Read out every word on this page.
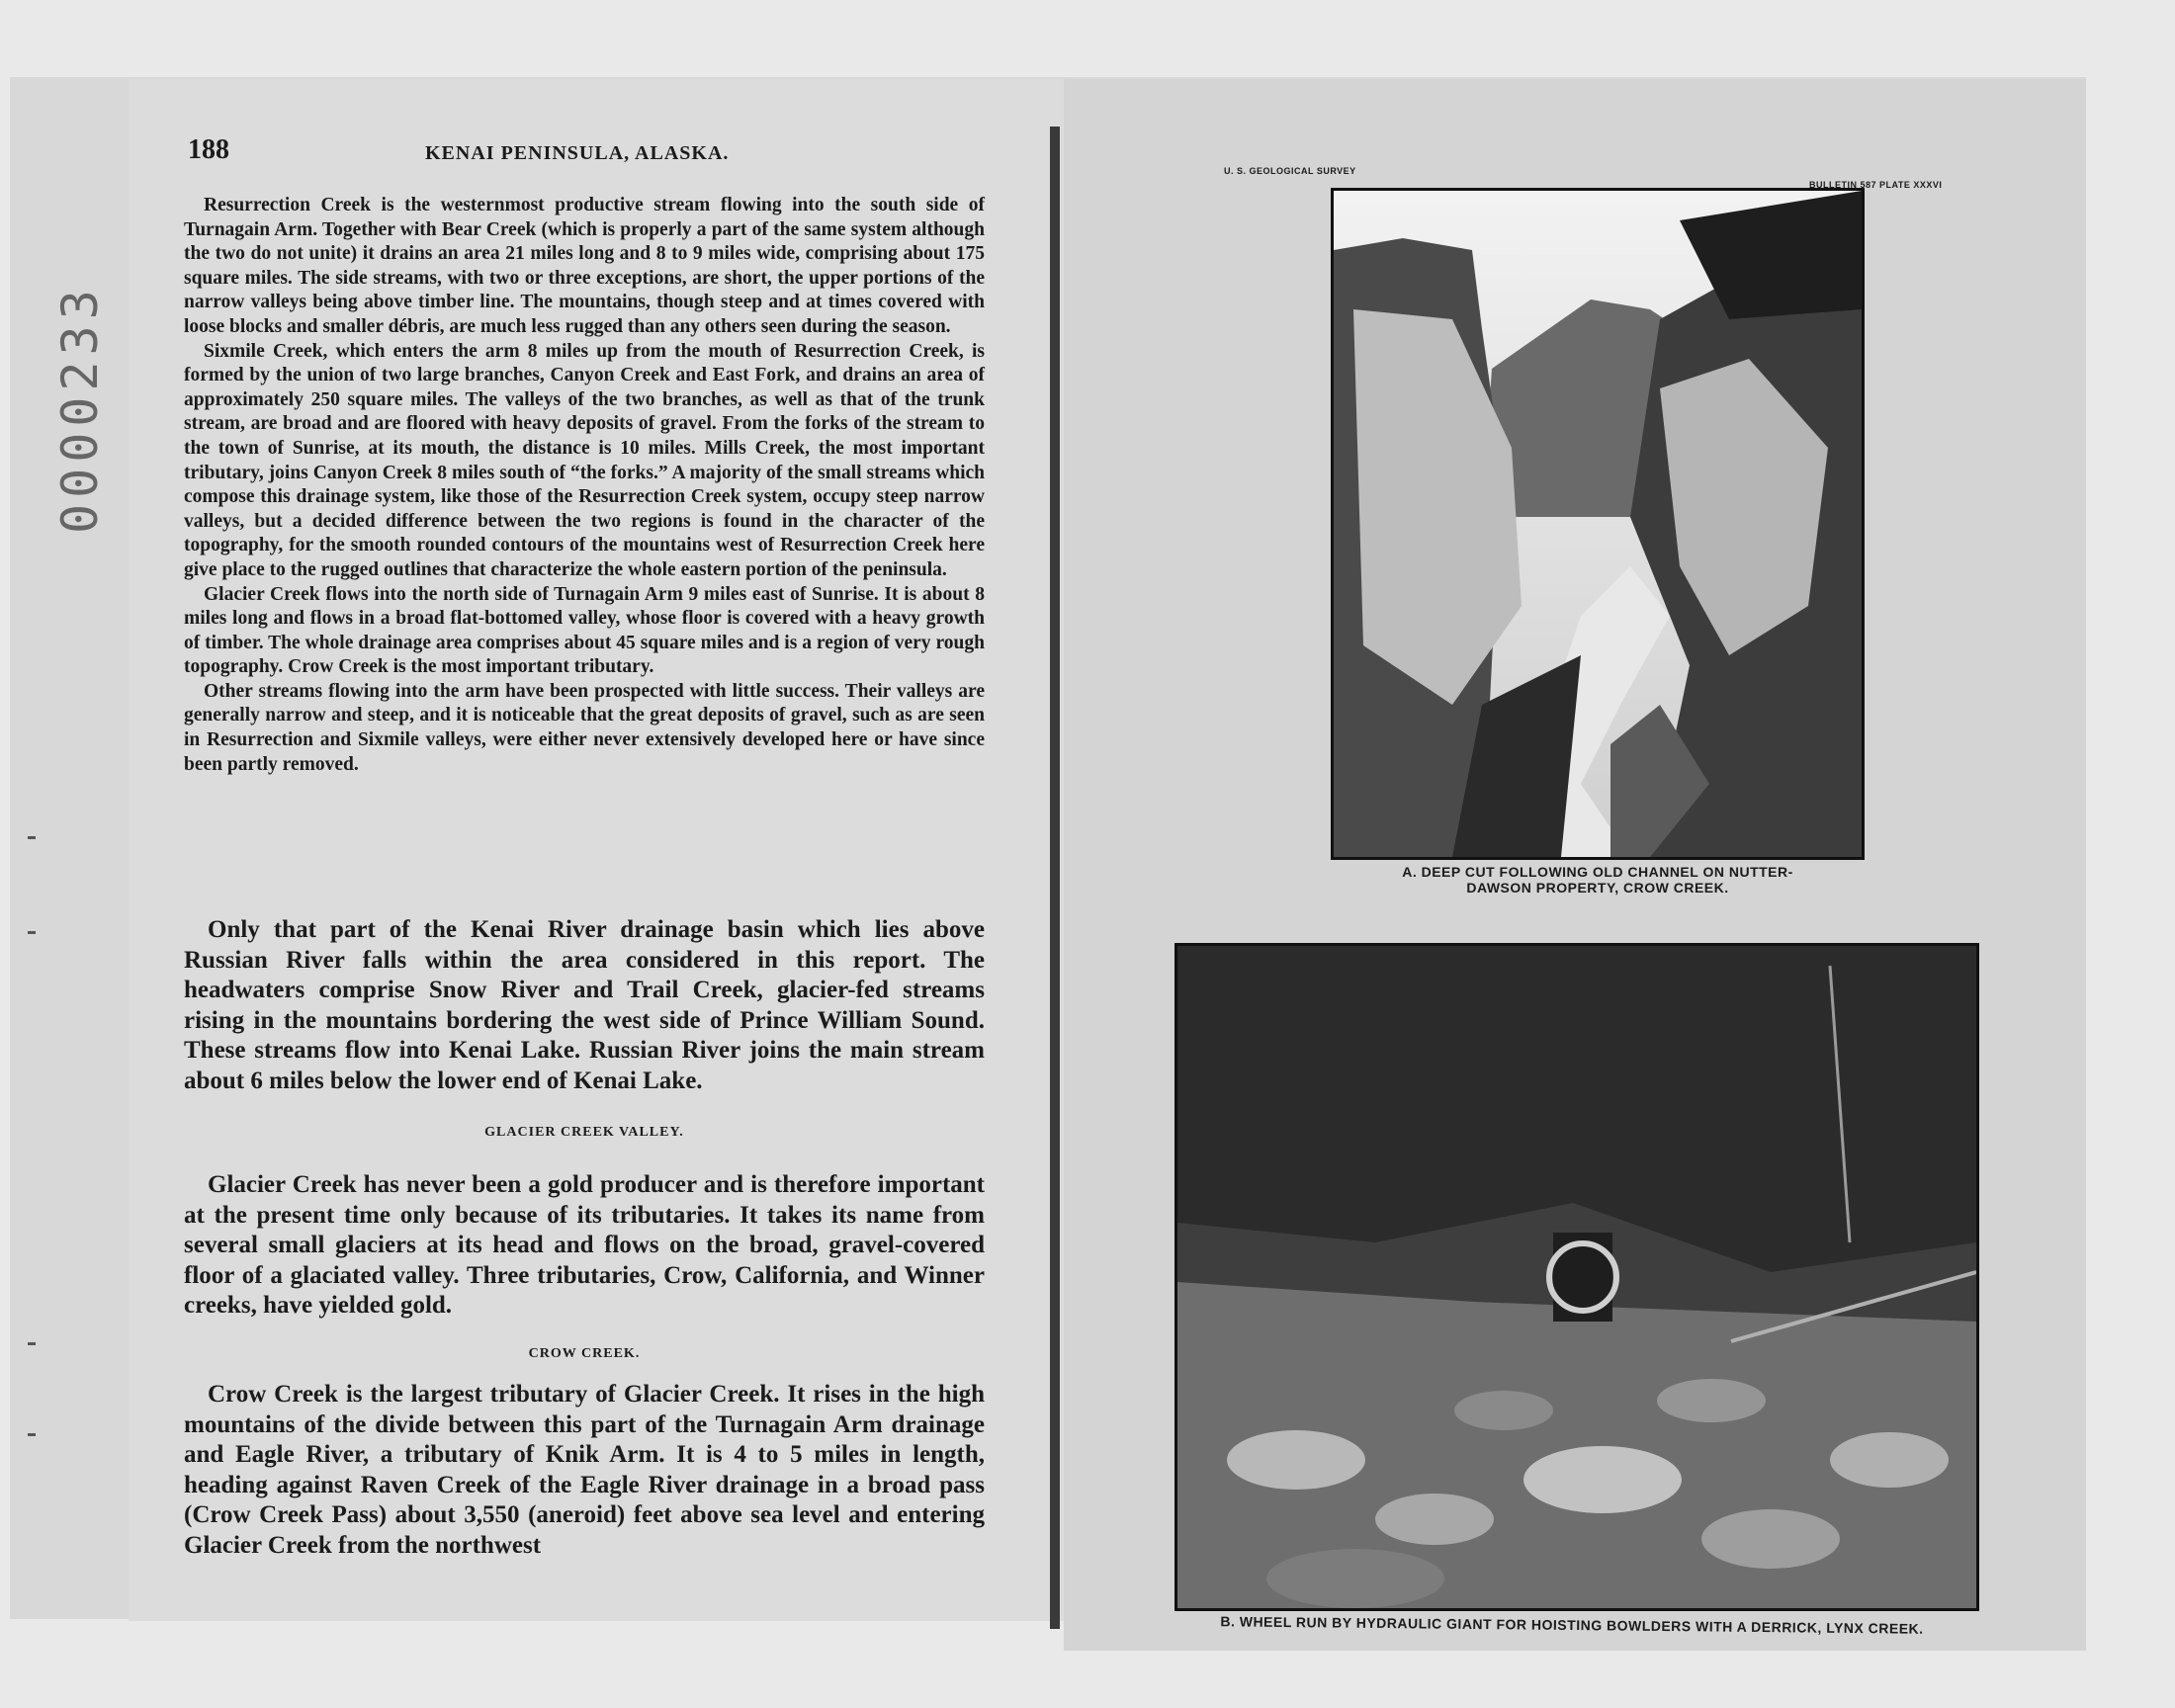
0000233
188	KENAI PENINSULA, ALASKA.

Resurrection Creek is the westernmost productive stream flowing into the south side of Turnagain Arm. Together with Bear Creek (which is properly a part of the same system although the two do not unite) it drains an area 21 miles long and 8 to 9 miles wide, comprising about 175 square miles. The side streams, with two or three exceptions, are short, the upper portions of the narrow valleys being above timber line. The mountains, though steep and at times covered with loose blocks and smaller débris, are much less rugged than any others seen during the season.

Sixmile Creek, which enters the arm 8 miles up from the mouth of Resurrection Creek, is formed by the union of two large branches, Canyon Creek and East Fork, and drains an area of approximately 250 square miles. The valleys of the two branches, as well as that of the trunk stream, are broad and are floored with heavy deposits of gravel. From the forks of the stream to the town of Sunrise, at its mouth, the distance is 10 miles. Mills Creek, the most important tributary, joins Canyon Creek 8 miles south of “the forks.” A majority of the small streams which compose this drainage system, like those of the Resurrection Creek system, occupy steep narrow valleys, but a decided difference between the two regions is found in the character of the topography, for the smooth rounded contours of the mountains west of Resurrection Creek here give place to the rugged outlines that characterize the whole eastern portion of the peninsula.

Glacier Creek flows into the north side of Turnagain Arm 9 miles east of Sunrise. It is about 8 miles long and flows in a broad flat-bottomed valley, whose floor is covered with a heavy growth of timber. The whole drainage area comprises about 45 square miles and is a region of very rough topography. Crow Creek is the most important tributary.

Other streams flowing into the arm have been prospected with little success. Their valleys are generally narrow and steep, and it is noticeable that the great deposits of gravel, such as are seen in Resurrection and Sixmile valleys, were either never extensively developed here or have since been partly removed.

Only that part of the Kenai River drainage basin which lies above Russian River falls within the area considered in this report. The headwaters comprise Snow River and Trail Creek, glacier-fed streams rising in the mountains bordering the west side of Prince William Sound. These streams flow into Kenai Lake. Russian River joins the main stream about 6 miles below the lower end of Kenai Lake.

GLACIER CREEK VALLEY.

Glacier Creek has never been a gold producer and is therefore important at the present time only because of its tributaries. It takes its name from several small glaciers at its head and flows on the broad, gravel-covered floor of a glaciated valley. Three tributaries, Crow, California, and Winner creeks, have yielded gold.

CROW CREEK.

Crow Creek is the largest tributary of Glacier Creek. It rises in the high mountains of the divide between this part of the Turnagain Arm drainage and Eagle River, a tributary of Knik Arm. It is 4 to 5 miles in length, heading against Raven Creek of the Eagle River drainage in a broad pass (Crow Creek Pass) about 3,550 (aneroid) feet above sea level and entering Glacier Creek from the northwest

U. S. GEOLOGICAL SURVEY
BULLETIN 587 PLATE XXXVI
A. DEEP CUT FOLLOWING OLD CHANNEL ON NUTTER-
DAWSON PROPERTY, CROW CREEK.
B. WHEEL RUN BY HYDRAULIC GIANT FOR HOISTING BOWLDERS WITH A DERRICK, LYNX CREEK.
